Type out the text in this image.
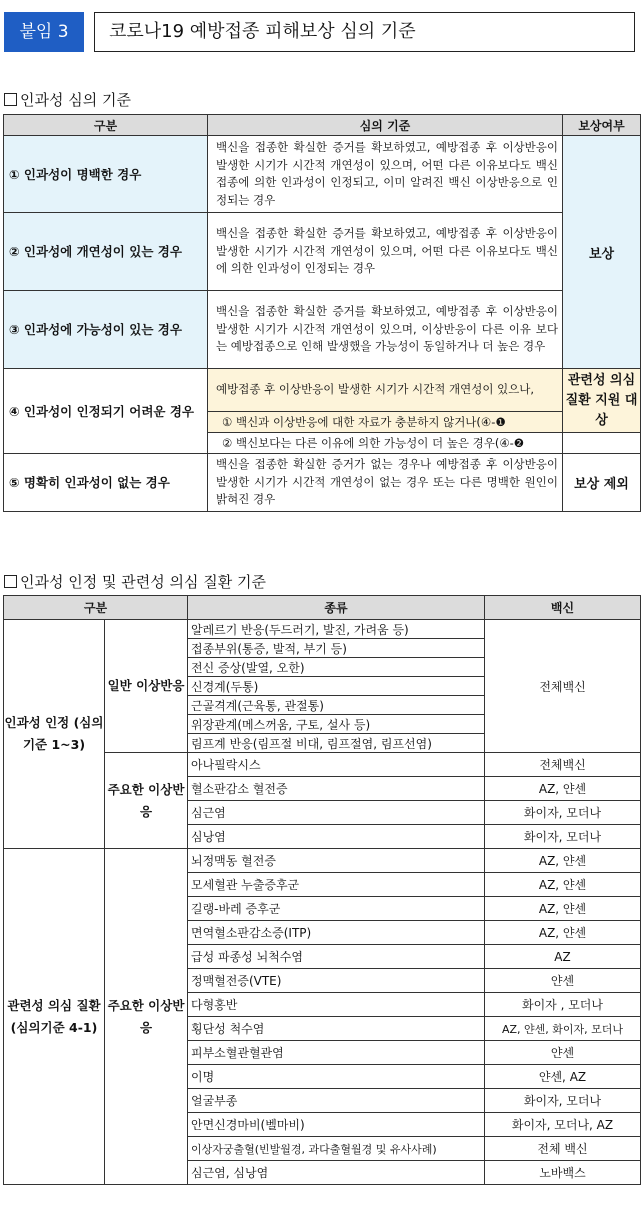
붙임 3	코로나19 예방접종 피해보상 심의 기준
인과성 심의 기준
구분	심의 기준	보상여부
① 인과성이 명백한 경우	백신을 접종한 확실한 증거를 확보하였고, 예방접종 후 이상반응이 발생한 시기가 시간적 개연성이 있으며, 어떤 다른 이유보다도 백신 접종에 의한 인과성이 인정되고, 이미 알려진 백신 이상반응으로 인정되는 경우	보상
② 인과성에 개연성이 있는 경우	백신을 접종한 확실한 증거를 확보하였고, 예방접종 후 이상반응이 발생한 시기가 시간적 개연성이 있으며, 어떤 다른 이유보다도 백신에 의한 인과성이 인정되는 경우	
③ 인과성에 가능성이 있는 경우	백신을 접종한 확실한 증거를 확보하였고, 예방접종 후 이상반응이 발생한 시기가 시간적 개연성이 있으며, 이상반응이 다른 이유 보다는 예방접종으로 인해 발생했을 가능성이 동일하거나 더 높은 경우	
④ 인과성이 인정되기 어려운 경우	예방접종 후 이상반응이 발생한 시기가 시간적 개연성이 있으나,	관련성 의심 질환 지원 대상
	① 백신과 이상반응에 대한 자료가 충분하지 않거나(④-❶	
	② 백신보다는 다른 이유에 의한 가능성이 더 높은 경우(④-❷	
⑤ 명확히 인과성이 없는 경우	백신을 접종한 확실한 증거가 없는 경우나 예방접종 후 이상반응이 발생한 시기가 시간적 개연성이 없는 경우 또는 다른 명백한 원인이 밝혀진 경우	보상 제외
인과성 인정 및 관련성 의심 질환 기준
구분		종류	백신
인과성 인정 (심의기준 1~3)	일반 이상반응	알레르기 반응(두드러기, 발진, 가려움 등)	전체백신
		접종부위(통증, 발적, 부기 등)	
		전신 증상(발열, 오한)	
		신경계(두통)	
		근골격계(근육통, 관절통)	
		위장관계(메스꺼움, 구토, 설사 등)	
		림프계 반응(림프절 비대, 림프절염, 림프선염)	
	주요한 이상반응	아나필락시스	전체백신
		혈소판감소 혈전증	AZ, 얀센
		심근염	화이자, 모더나
		심낭염	화이자, 모더나
관련성 의심 질환 (심의기준 4-1)	주요한 이상반응	뇌정맥동 혈전증	AZ, 얀센
		모세혈관 누출증후군	AZ, 얀센
		길랭-바레 증후군	AZ, 얀센
		면역혈소판감소증(ITP)	AZ, 얀센
		급성 파종성 뇌척수염	AZ
		정맥혈전증(VTE)	얀센
		다형홍반	화이자 , 모더나
		횡단성 척수염	AZ, 얀센, 화이자, 모더나
		피부소혈관혈관염	얀센
		이명	얀센, AZ
		얼굴부종	화이자, 모더나
		안면신경마비(벨마비)	화이자, 모더나, AZ
		이상자궁출혈(빈발월경, 과다출혈월경 및 유사사례)	전체 백신
		심근염, 심낭염	노바백스
